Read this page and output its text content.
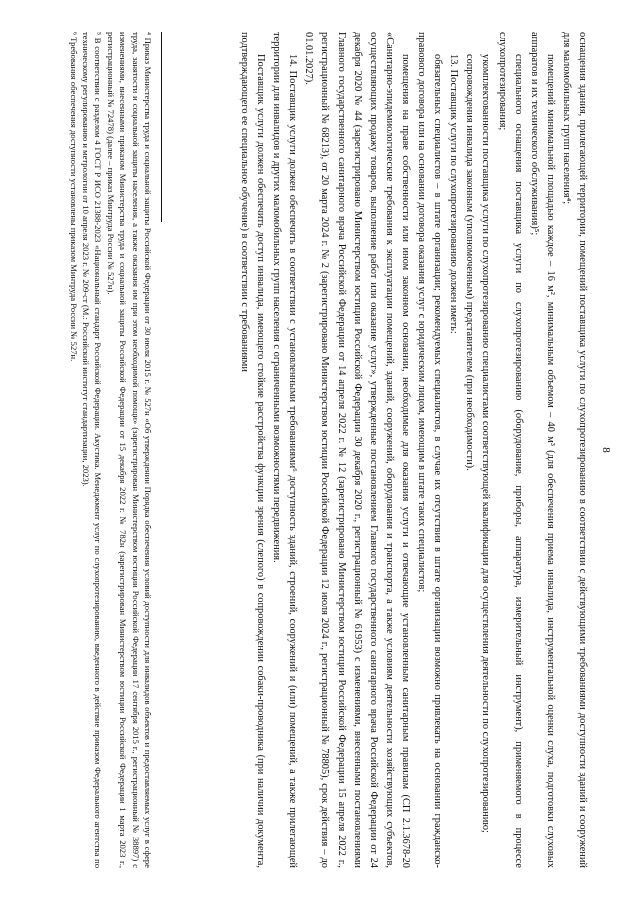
8

оснащения здания, прилегающей территории, помещений поставщика услуги по слухопротезированию в соответствии с действующими требованиями доступности зданий и сооружений для маломобильных групп населения⁴;

помещений минимальной площадью каждое – 16 м², минимальным объемом – 40 м³ (для обеспечения приема инвалида, инструментальной оценки слуха, подготовки слуховых аппаратов и их технического обслуживания)⁵;

специального оснащения поставщика услуги по слухопротезированию (оборудование, приборы, аппаратура, измерительный инструмент), применяемого в процессе слухопротезирования;

укомплектованности поставщика услуги по слухопротезированию специалистами соответствующей квалификации для осуществления деятельности по слухопротезированию;

сопровождения инвалида законным (уполномоченным) представителем (при необходимости).

13. Поставщик услуги по слухопротезированию должен иметь:

обязательных специалистов – в штате организации; рекомендуемых специалистов, в случае их отсутствия в штате организации возможно привлекать на основании гражданско-правового договора или на основании договора оказания услуг с юридическим лицом, имеющим в штате таких специалистов;

помещения на праве собственности или ином законном основании, необходимые для оказания услуги и отвечающие установленным санитарным правилам (СП 2.1.3678-20 «Санитарно-эпидемиологические требования к эксплуатации помещений, зданий, сооружений, оборудования и транспорта, а также условиям деятельности хозяйствующих субъектов, осуществляющих продажу товаров, выполнение работ или оказание услуг», утвержденные постановлением Главного государственного санитарного врача Российской Федерации от 24 декабря 2020 № 44 (зарегистрировано Министерством юстиции Российской Федерации 30 декабря 2020 г., регистрационный № 61953) с изменениями, внесенными постановлениями Главного государственного санитарного врача Российской Федерации от 14 апреля 2022 г. № 12 (зарегистрировано Министерством юстиции Российской Федерации 15 апреля 2022 г., регистрационный № 68213), от 20 марта 2024 г. № 2 (зарегистрировано Министерством юстиции Российской Федерации 12 июля 2024 г., регистрационный № 78805), срок действия – до 01.01.2027).

14. Поставщик услуги должен обеспечить в соответствии с установленными требованиями⁶ доступность зданий, строений, сооружений и (или) помещений, а также прилегающей территории для инвалидов и других маломобильных групп населения с ограниченными возможностями передвижения.

Поставщик услуги должен обеспечить доступ инвалида, имеющего стойкие расстройства функции зрения (слепого) в сопровождении собаки-проводника (при наличии документа, подтверждающего ее специальное обучение) в соответствии с требованиями

⁴ Приказ Министерства труда и социальной защиты Российской Федерации от 30 июля 2015 г. № 527н «Об утверждении Порядка обеспечения условий доступности для инвалидов объектов и предоставляемых услуг в сфере труда, занятости и социальной защиты населения, а также оказания им при этом необходимой помощи» (зарегистрирован Министерством юстиции Российской Федерации 17 сентября 2015 г., регистрационный № 38897) с изменениями, внесенными приказом Министерства труда и социальной защиты Российской Федерации от 15 декабря 2022 г. № 782н (зарегистрирован Министерством юстиции Российской Федерации 1 марта 2023 г., регистрационный № 72478) (далее – приказ Минтруда России № 527н).

⁵ В соответствии с разделом 4 ГОСТ Р ИСО 21388-2023 «Национальный стандарт Российской Федерации. Акустика. Менеджмент услуг по слухопротезированию, введенного в действие приказом Федерального агентства по техническому регулированию и метрологии от 10 апреля 2023 г. № 209-ст (М.: Российский институт стандартизации, 2023).

⁶ Требования обеспечения доступности установлены приказом Минтруда России № 527н.
